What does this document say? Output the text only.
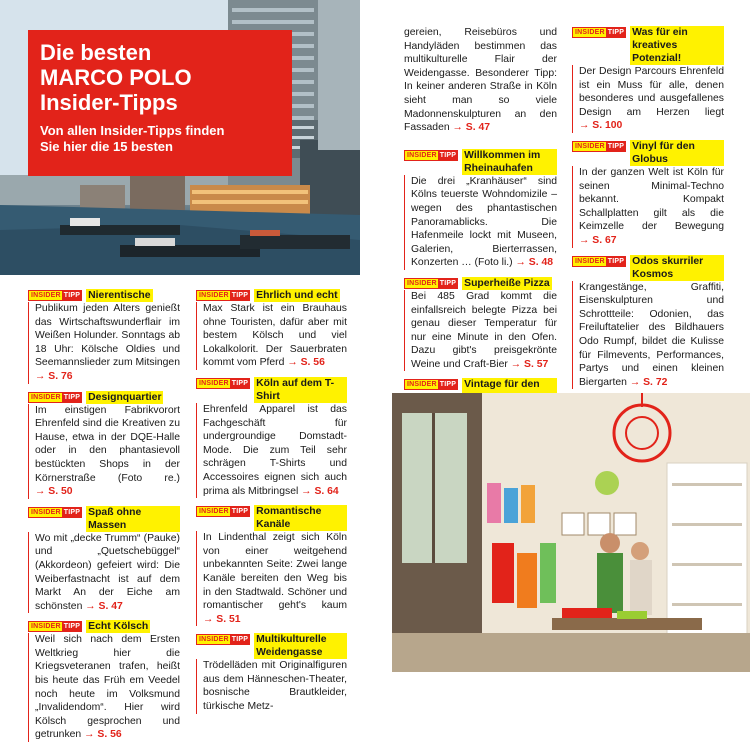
Die besten
MARCO POLO
Insider-Tipps
Von allen Insider-Tipps finden
Sie hier die 15 besten
INSIDER TIPP Nierentische
Publikum jeden Alters genießt das Wirtschaftswunderflair im Weißen Holunder. Sonntags ab 18 Uhr: Kölsche Oldies und Seemannslieder zum Mitsingen → S. 76
INSIDER TIPP Designquartier
Im einstigen Fabrikvorort Ehrenfeld sind die Kreativen zu Hause, etwa in der DQE-Halle oder in den phantasievoll bestückten Shops in der Körnerstraße (Foto re.) → S. 50
INSIDER TIPP Spaß ohne Massen
Wo mit „decke Trumm“ (Pauke) und „Quetschebüggel“ (Akkordeon) gefeiert wird: Die Weiberfastnacht ist auf dem Markt An der Eiche am schönsten → S. 47
INSIDER TIPP Echt Kölsch
Weil sich nach dem Ersten Weltkrieg hier die Kriegsveteranen trafen, heißt bis heute das Früh em Veedel noch heute im Volksmund „Invalidendom“. Hier wird Kölsch gesprochen und getrunken → S. 56
INSIDER TIPP Ehrlich und echt
Max Stark ist ein Brauhaus ohne Touristen, dafür aber mit bestem Kölsch und viel Lokalkolorit. Der Sauerbraten kommt vom Pferd → S. 56
INSIDER TIPP Köln auf dem T-Shirt
Ehrenfeld Apparel ist das Fachgeschäft für undergroundige Domstadt-Mode. Die zum Teil sehr schrägen T-Shirts und Accessoires eignen sich auch prima als Mitbringsel → S. 64
INSIDER TIPP Romantische Kanäle
In Lindenthal zeigt sich Köln von einer weitgehend unbekannten Seite: Zwei lange Kanäle bereiten den Weg bis in den Stadtwald. Schöner und romantischer geht's kaum → S. 51
INSIDER TIPP Multikulturelle Weidengasse
Trödelläden mit Originalfiguren aus dem Hänneschen-Theater, bosnische Brautkleider, türkische Metz-
gereien, Reisebüros und Handyläden bestimmen das multikulturelle Flair der Weidengasse. Besonderer Tipp: In keiner anderen Straße in Köln sieht man so viele Madonnenskulpturen an den Fassaden → S. 47
INSIDER TIPP Willkommen im Rheinauhafen
Die drei „Kranhäuser“ sind Kölns teuerste Wohndomizile – wegen des phantastischen Panoramablicks. Die Hafenmeile lockt mit Museen, Galerien, Bierterrassen, Konzerten … (Foto li.) → S. 48
INSIDER TIPP Superheiße Pizza
Bei 485 Grad kommt die einfallsreich belegte Pizza bei genau dieser Temperatur für nur eine Minute in den Ofen. Dazu gibt's preisgekrönte Weine und Craft-Bier → S. 57
INSIDER TIPP Vintage für den
INSIDER TIPP Was für ein kreatives Potenzial!
Der Design Parcours Ehrenfeld ist ein Muss für alle, denen besonderes und ausgefallenes Design am Herzen liegt → S. 100
INSIDER TIPP Vinyl für den Globus
In der ganzen Welt ist Köln für seinen Minimal-Techno bekannt. Kompakt Schallplatten gilt als die Keimzelle der Bewegung → S. 67
INSIDER TIPP Odos skurriler Kosmos
Krangestänge, Graffiti, Eisenskulpturen und Schrottteile: Odonien, das Freiluftatelier des Bildhauers Odo Rumpf, bildet die Kulisse für Filmevents, Performances, Partys und einen kleinen Biergarten → S. 72
